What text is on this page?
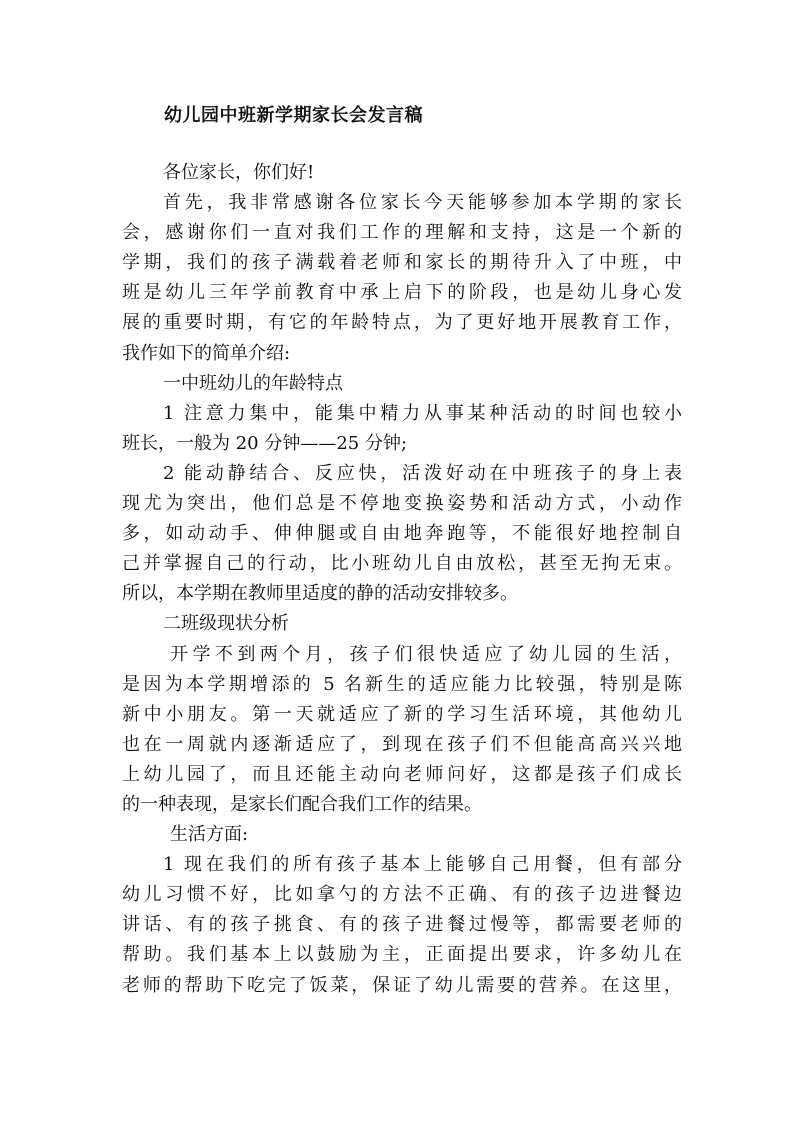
幼儿园中班新学期家长会发言稿
各位家长，你们好!
首先，我非常感谢各位家长今天能够参加本学期的家长
会，感谢你们一直对我们工作的理解和支持，这是一个新的
学期，我们的孩子满载着老师和家长的期待升入了中班，中
班是幼儿三年学前教育中承上启下的阶段，也是幼儿身心发
展的重要时期，有它的年龄特点，为了更好地开展教育工作，
我作如下的简单介绍:
一中班幼儿的年龄特点
1 注意力集中，能集中精力从事某种活动的时间也较小
班长，一般为 20 分钟——25 分钟;
2 能动静结合、反应快，活泼好动在中班孩子的身上表
现尤为突出，他们总是不停地变换姿势和活动方式，小动作
多，如动动手、伸伸腿或自由地奔跑等，不能很好地控制自
己并掌握自己的行动，比小班幼儿自由放松，甚至无拘无束。
所以，本学期在教师里适度的静的活动安排较多。
二班级现状分析
开学不到两个月，孩子们很快适应了幼儿园的生活，
是因为本学期增添的 5 名新生的适应能力比较强，特别是陈
新中小朋友。第一天就适应了新的学习生活环境，其他幼儿
也在一周就内逐渐适应了，到现在孩子们不但能高高兴兴地
上幼儿园了，而且还能主动向老师问好，这都是孩子们成长
的一种表现，是家长们配合我们工作的结果。
生活方面:
1 现在我们的所有孩子基本上能够自己用餐，但有部分
幼儿习惯不好，比如拿勺的方法不正确、有的孩子边进餐边
讲话、有的孩子挑食、有的孩子进餐过慢等，都需要老师的
帮助。我们基本上以鼓励为主，正面提出要求，许多幼儿在
老师的帮助下吃完了饭菜，保证了幼儿需要的营养。在这里，
